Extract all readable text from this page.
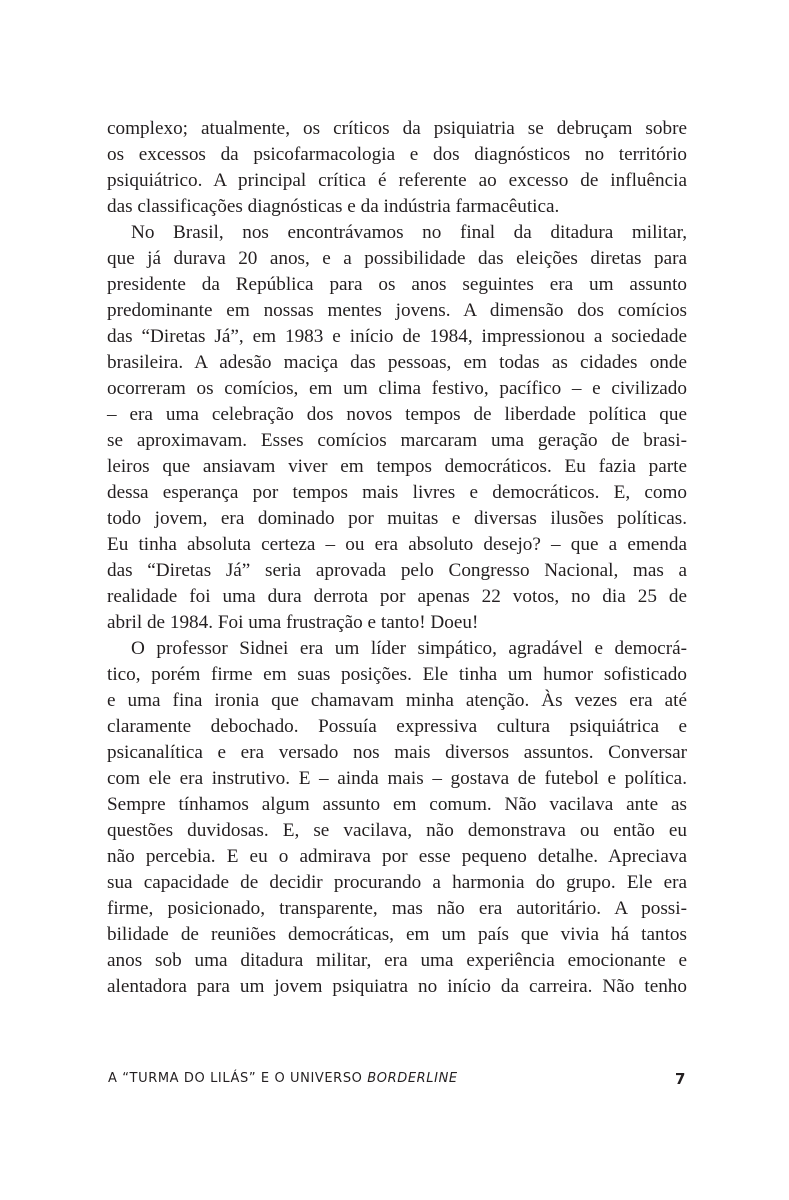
complexo; atualmente, os críticos da psiquiatria se debruçam sobre
os excessos da psicofarmacologia e dos diagnósticos no território
psiquiátrico. A principal crítica é referente ao excesso de influência
das classificações diagnósticas e da indústria farmacêutica.
No Brasil, nos encontrávamos no final da ditadura militar,
que já durava 20 anos, e a possibilidade das eleições diretas para
presidente da República para os anos seguintes era um assunto
predominante em nossas mentes jovens. A dimensão dos comícios
das “Diretas Já”, em 1983 e início de 1984, impressionou a sociedade
brasileira. A adesão maciça das pessoas, em todas as cidades onde
ocorreram os comícios, em um clima festivo, pacífico – e civilizado
– era uma celebração dos novos tempos de liberdade política que
se aproximavam. Esses comícios marcaram uma geração de brasi-
leiros que ansiavam viver em tempos democráticos. Eu fazia parte
dessa esperança por tempos mais livres e democráticos. E, como
todo jovem, era dominado por muitas e diversas ilusões políticas.
Eu tinha absoluta certeza – ou era absoluto desejo? – que a emenda
das “Diretas Já” seria aprovada pelo Congresso Nacional, mas a
realidade foi uma dura derrota por apenas 22 votos, no dia 25 de
abril de 1984. Foi uma frustração e tanto! Doeu!
O professor Sidnei era um líder simpático, agradável e democrá-
tico, porém firme em suas posições. Ele tinha um humor sofisticado
e uma fina ironia que chamavam minha atenção. Às vezes era até
claramente debochado. Possuía expressiva cultura psiquiátrica e
psicanalítica e era versado nos mais diversos assuntos. Conversar
com ele era instrutivo. E – ainda mais – gostava de futebol e política.
Sempre tínhamos algum assunto em comum. Não vacilava ante as
questões duvidosas. E, se vacilava, não demonstrava ou então eu
não percebia. E eu o admirava por esse pequeno detalhe. Apreciava
sua capacidade de decidir procurando a harmonia do grupo. Ele era
firme, posicionado, transparente, mas não era autoritário. A possi-
bilidade de reuniões democráticas, em um país que vivia há tantos
anos sob uma ditadura militar, era uma experiência emocionante e
alentadora para um jovem psiquiatra no início da carreira. Não tenho
A “TURMA DO LILÁS” E O UNIVERSO BORDERLINE	7
